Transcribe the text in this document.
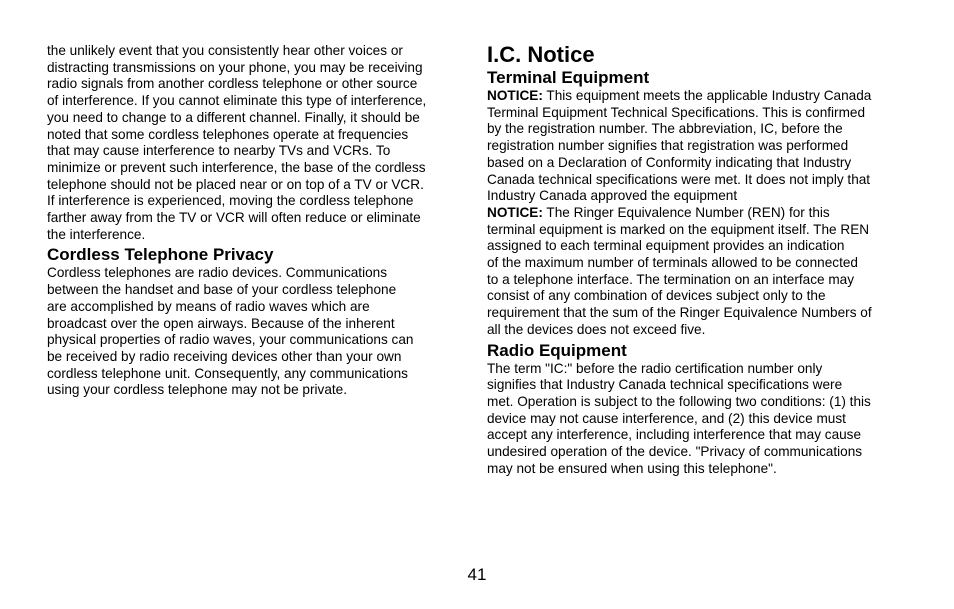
the unlikely event that you consistently hear other voices or
distracting transmissions on your phone, you may be receiving
radio signals from another cordless telephone or other source
of interference. If you cannot eliminate this type of interference,
you need to change to a different channel. Finally, it should be
noted that some cordless telephones operate at frequencies
that may cause interference to nearby TVs and VCRs. To
minimize or prevent such interference, the base of the cordless
telephone should not be placed near or on top of a TV or VCR.
If interference is experienced, moving the cordless telephone
farther away from the TV or VCR will often reduce or eliminate
the interference.
Cordless Telephone Privacy
Cordless telephones are radio devices. Communications
between the handset and base of your cordless telephone
are accomplished by means of radio waves which are
broadcast over the open airways. Because of the inherent
physical properties of radio waves, your communications can
be received by radio receiving devices other than your own
cordless telephone unit. Consequently, any communications
using your cordless telephone may not be private.
I.C. Notice
Terminal Equipment
NOTICE: This equipment meets the applicable Industry Canada
Terminal Equipment Technical Specifications. This is confirmed
by the registration number. The abbreviation, IC, before the
registration number signifies that registration was performed
based on a Declaration of Conformity indicating that Industry
Canada technical specifications were met. It does not imply that
Industry Canada approved the equipment
NOTICE: The Ringer Equivalence Number (REN) for this
terminal equipment is marked on the equipment itself. The REN
assigned to each terminal equipment provides an indication
of the maximum number of terminals allowed to be connected
to a telephone interface. The termination on an interface may
consist of any combination of devices subject only to the
requirement that the sum of the Ringer Equivalence Numbers of
all the devices does not exceed five.
Radio Equipment
The term "IC:" before the radio certification number only
signifies that Industry Canada technical specifications were
met. Operation is subject to the following two conditions: (1) this
device may not cause interference, and (2) this device must
accept any interference, including interference that may cause
undesired operation of the device. "Privacy of communications
may not be ensured when using this telephone".
41
